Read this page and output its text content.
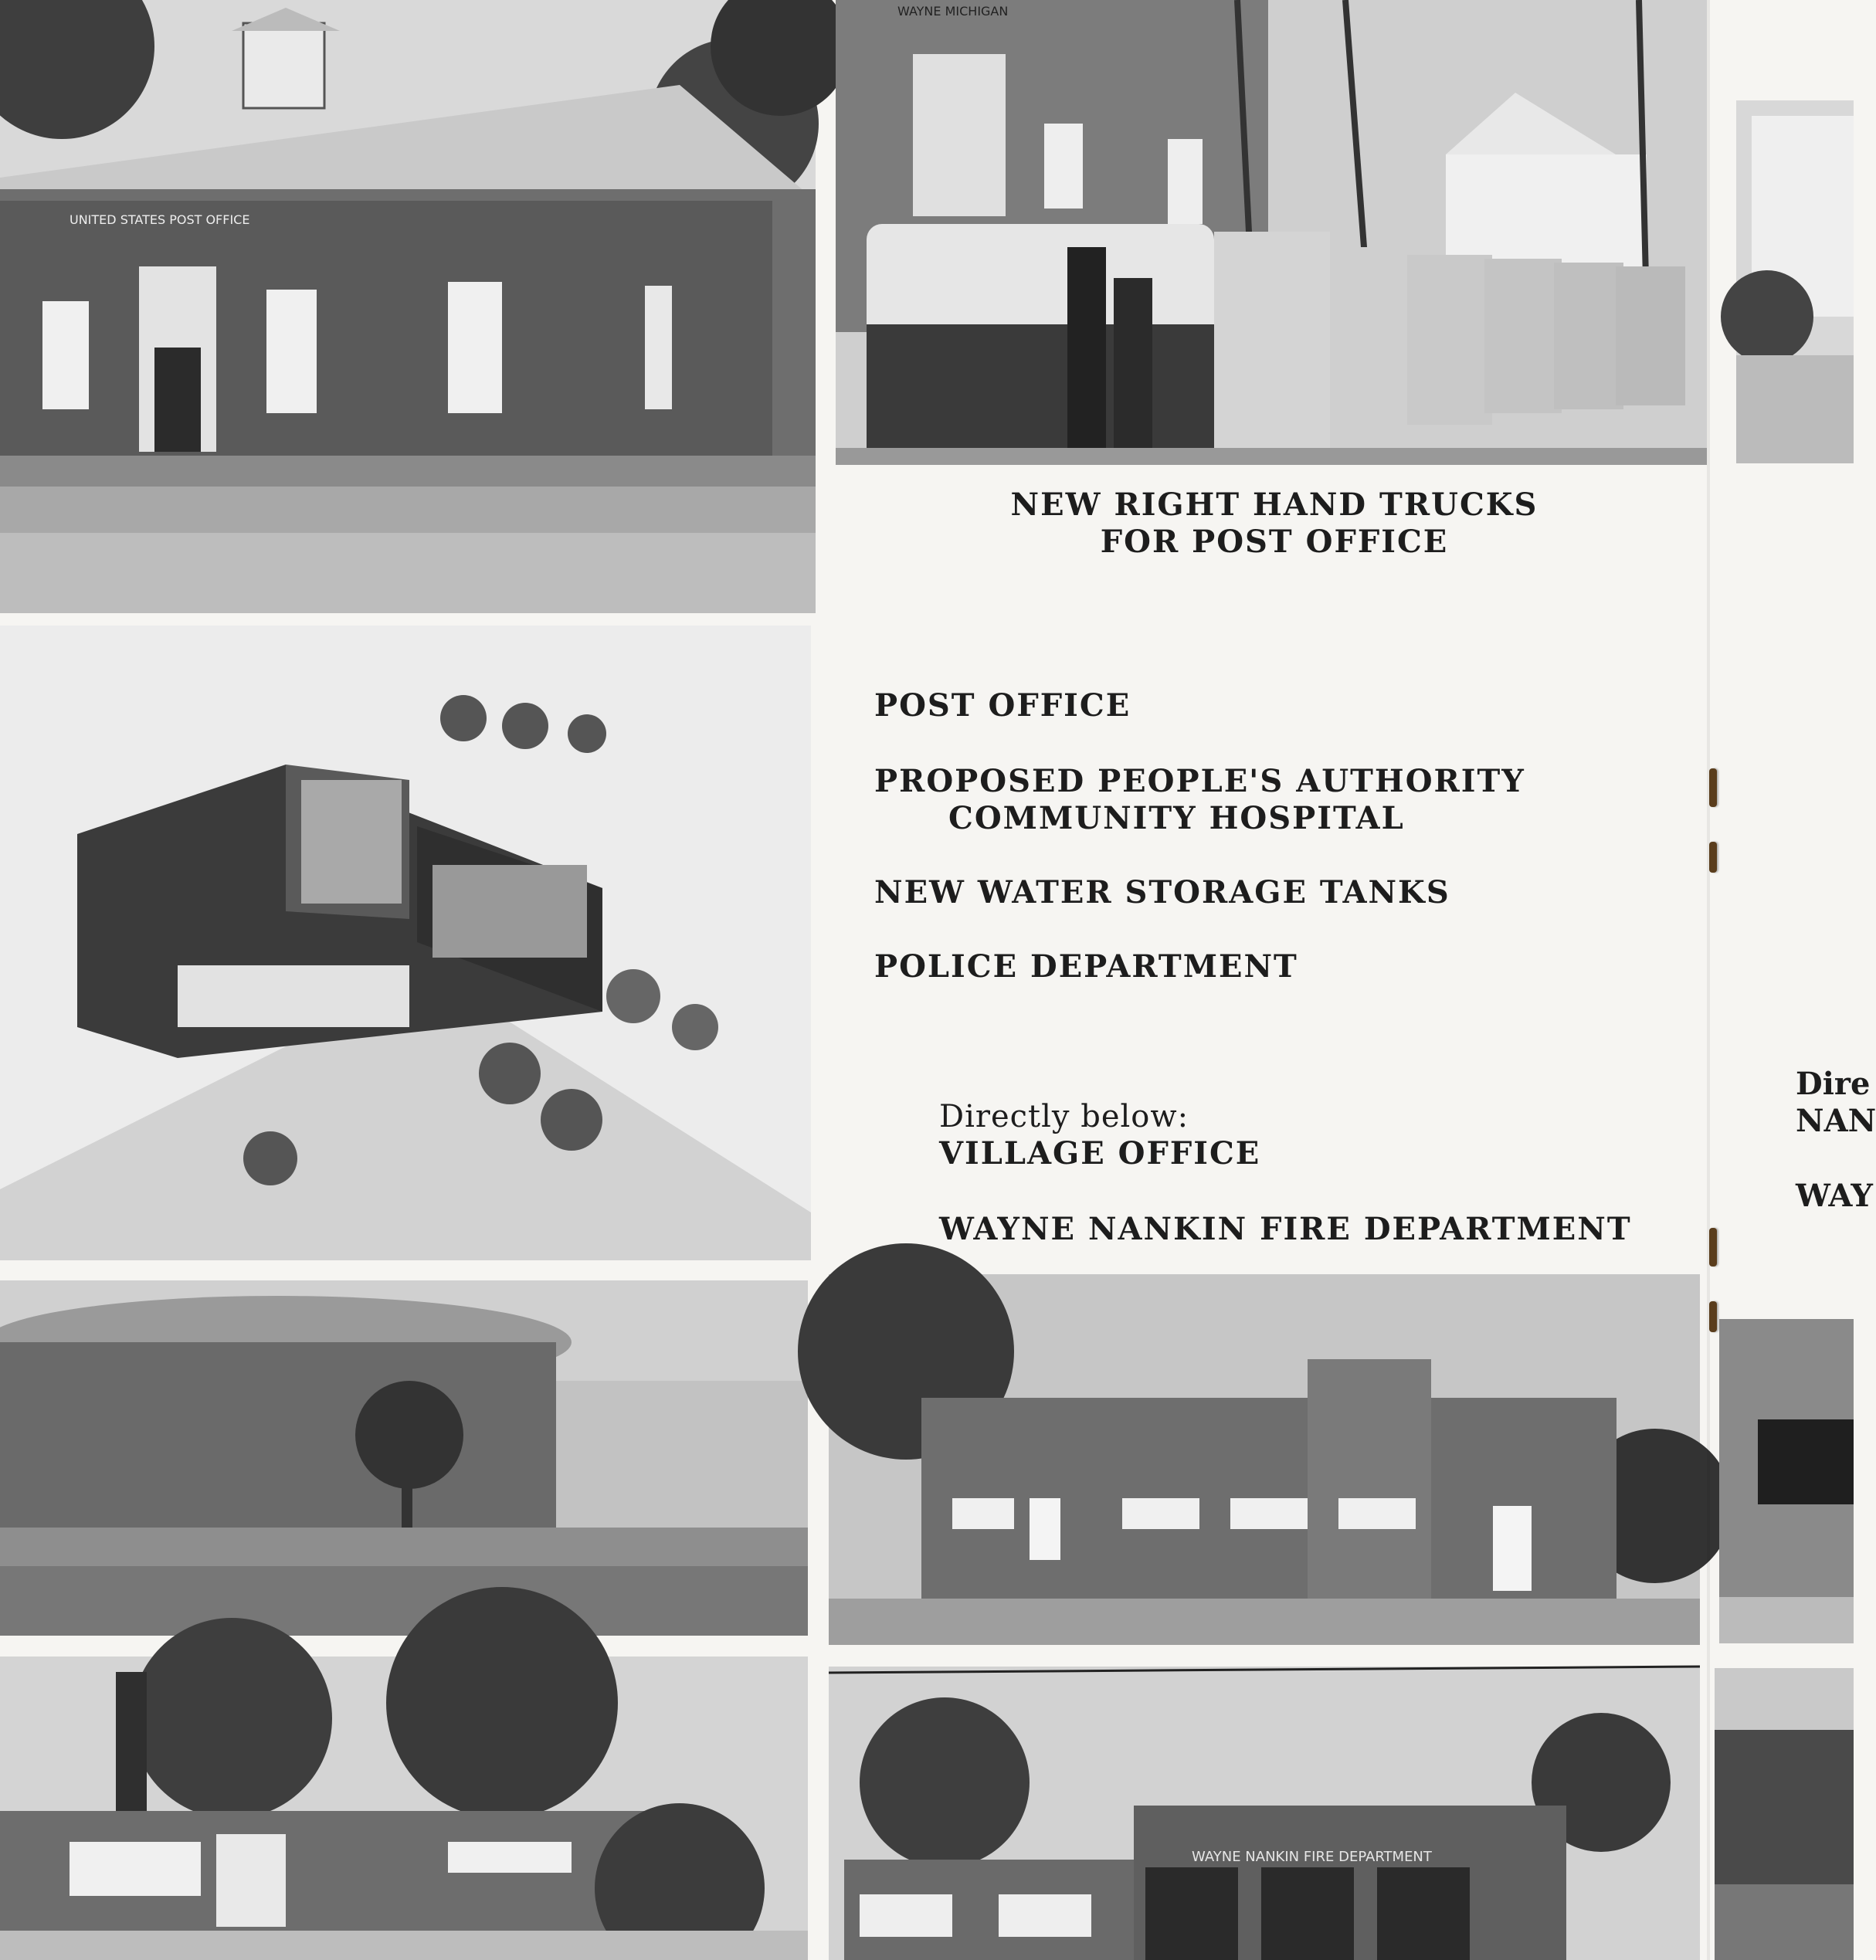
UNITED STATES POST OFFICE
WAYNE MICHIGAN
NEW RIGHT HAND TRUCKS
FOR POST OFFICE
POST OFFICE
PROPOSED PEOPLE'S AUTHORITY
COMMUNITY HOSPITAL
NEW WATER STORAGE TANKS
POLICE DEPARTMENT
Directly below:
VILLAGE OFFICE
WAYNE NANKIN FIRE DEPARTMENT
WAYNE NANKIN FIRE DEPARTMENT
Dire
NAN
WAY
